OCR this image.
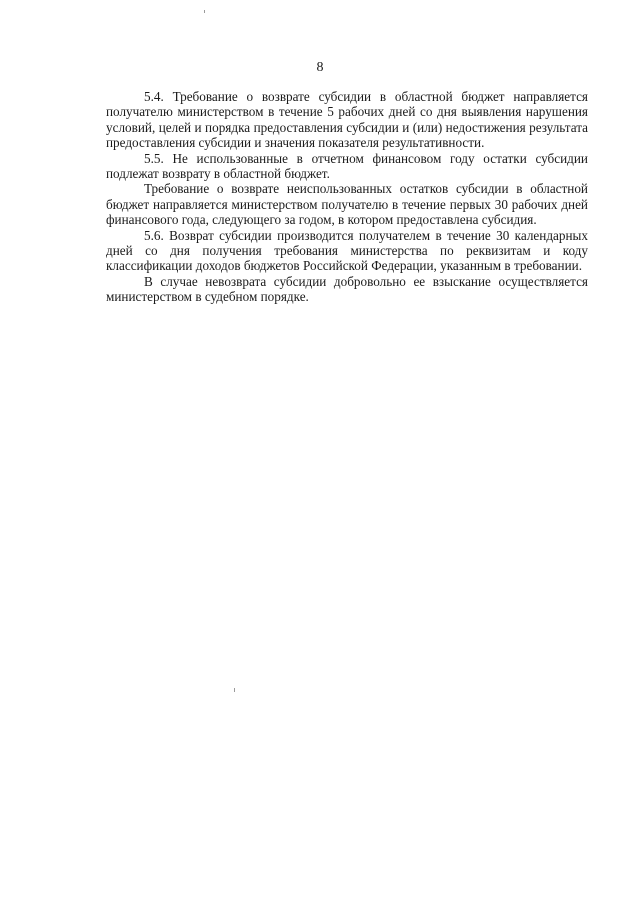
8

5.4. Требование о возврате субсидии в областной бюджет направляется получателю министерством в течение 5 рабочих дней со дня выявления нарушения условий, целей и порядка предоставления субсидии и (или) недостижения результата предоставления субсидии и значения показателя результативности.

5.5. Не использованные в отчетном финансовом году остатки субсидии подлежат возврату в областной бюджет.

Требование о возврате неиспользованных остатков субсидии в областной бюджет направляется министерством получателю в течение первых 30 рабочих дней финансового года, следующего за годом, в котором предоставлена субсидия.

5.6. Возврат субсидии производится получателем в течение 30 календарных дней со дня получения требования министерства по реквизитам и коду классификации доходов бюджетов Российской Федерации, указанным в требовании.

В случае невозврата субсидии добровольно ее взыскание осуществляется министерством в судебном порядке.
